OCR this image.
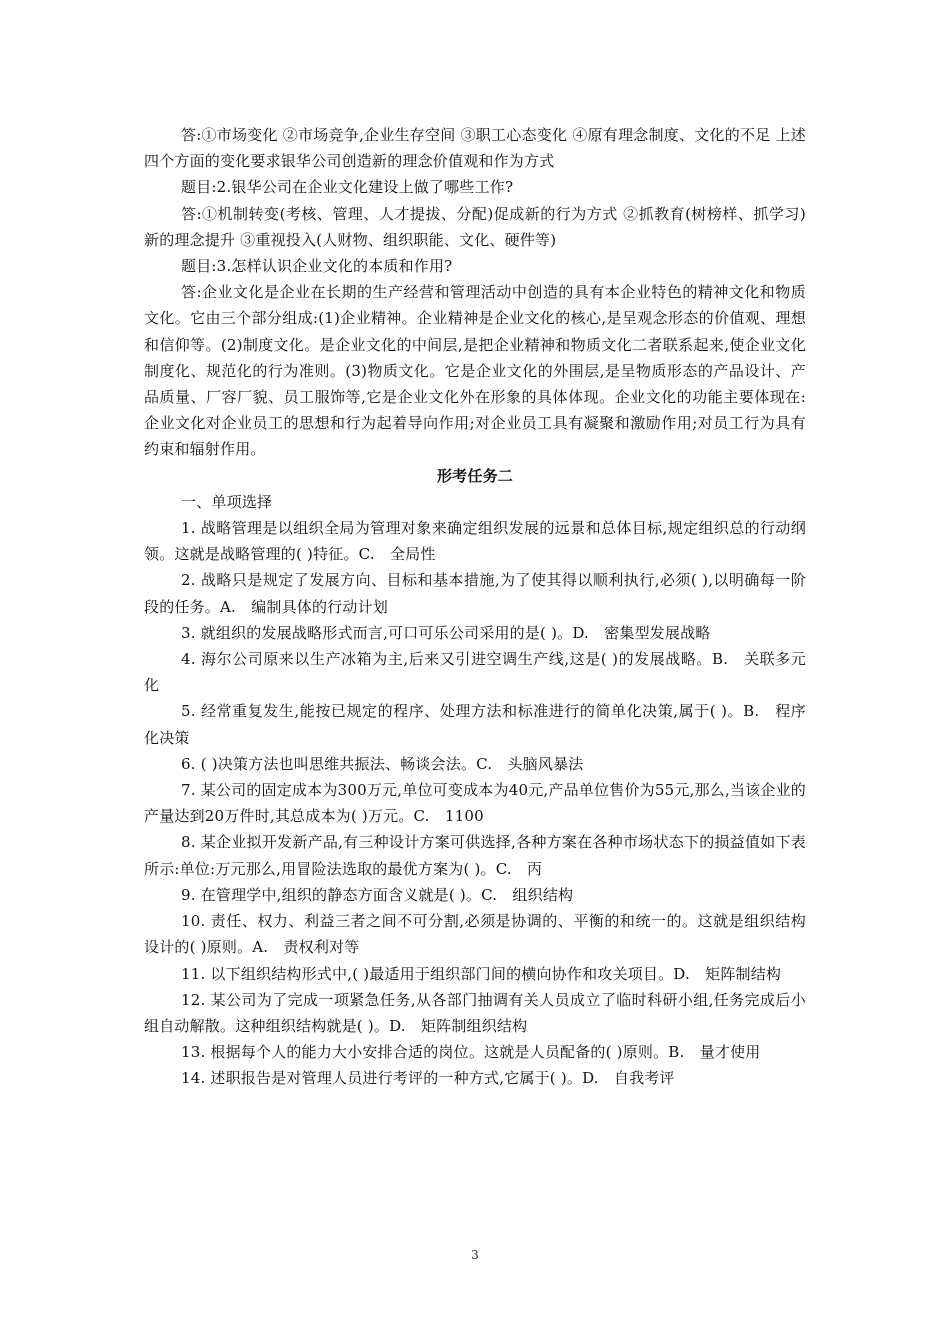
答:①市场变化 ②市场竞争,企业生存空间 ③职工心态变化 ④原有理念制度、文化的不足 上述四个方面的变化要求银华公司创造新的理念价值观和作为方式

题目:2.银华公司在企业文化建设上做了哪些工作?

答:①机制转变(考核、管理、人才提拔、分配)促成新的行为方式 ②抓教育(树榜样、抓学习)新的理念提升 ③重视投入(人财物、组织职能、文化、硬件等)

题目:3.怎样认识企业文化的本质和作用?

答:企业文化是企业在长期的生产经营和管理活动中创造的具有本企业特色的精神文化和物质文化。它由三个部分组成:(1)企业精神。企业精神是企业文化的核心,是呈观念形态的价值观、理想和信仰等。(2)制度文化。是企业文化的中间层,是把企业精神和物质文化二者联系起来,使企业文化制度化、规范化的行为准则。(3)物质文化。它是企业文化的外围层,是呈物质形态的产品设计、产品质量、厂容厂貌、员工服饰等,它是企业文化外在形象的具体体现。企业文化的功能主要体现在:企业文化对企业员工的思想和行为起着导向作用;对企业员工具有凝聚和激励作用;对员工行为具有约束和辐射作用。

形考任务二

一、单项选择

1. 战略管理是以组织全局为管理对象来确定组织发展的远景和总体目标,规定组织总的行动纲领。这就是战略管理的( )特征。C.　全局性

2. 战略只是规定了发展方向、目标和基本措施,为了使其得以顺利执行,必须( ),以明确每一阶段的任务。A.　编制具体的行动计划

3. 就组织的发展战略形式而言,可口可乐公司采用的是( )。D.　密集型发展战略

4. 海尔公司原来以生产冰箱为主,后来又引进空调生产线,这是( )的发展战略。B.　关联多元化

5. 经常重复发生,能按已规定的程序、处理方法和标准进行的简单化决策,属于( )。B.　程序化决策

6. ( )决策方法也叫思维共振法、畅谈会法。C.　头脑风暴法

7. 某公司的固定成本为300万元,单位可变成本为40元,产品单位售价为55元,那么,当该企业的产量达到20万件时,其总成本为( )万元。C.　1100

8. 某企业拟开发新产品,有三种设计方案可供选择,各种方案在各种市场状态下的损益值如下表所示:单位:万元那么,用冒险法选取的最优方案为( )。C.　丙

9. 在管理学中,组织的静态方面含义就是( )。C.　组织结构

10. 责任、权力、利益三者之间不可分割,必须是协调的、平衡的和统一的。这就是组织结构设计的( )原则。A.　责权利对等

11. 以下组织结构形式中,( )最适用于组织部门间的横向协作和攻关项目。D.　矩阵制结构

12. 某公司为了完成一项紧急任务,从各部门抽调有关人员成立了临时科研小组,任务完成后小组自动解散。这种组织结构就是( )。D.　矩阵制组织结构

13. 根据每个人的能力大小安排合适的岗位。这就是人员配备的( )原则。B.　量才使用

14. 述职报告是对管理人员进行考评的一种方式,它属于( )。D.　自我考评

3
